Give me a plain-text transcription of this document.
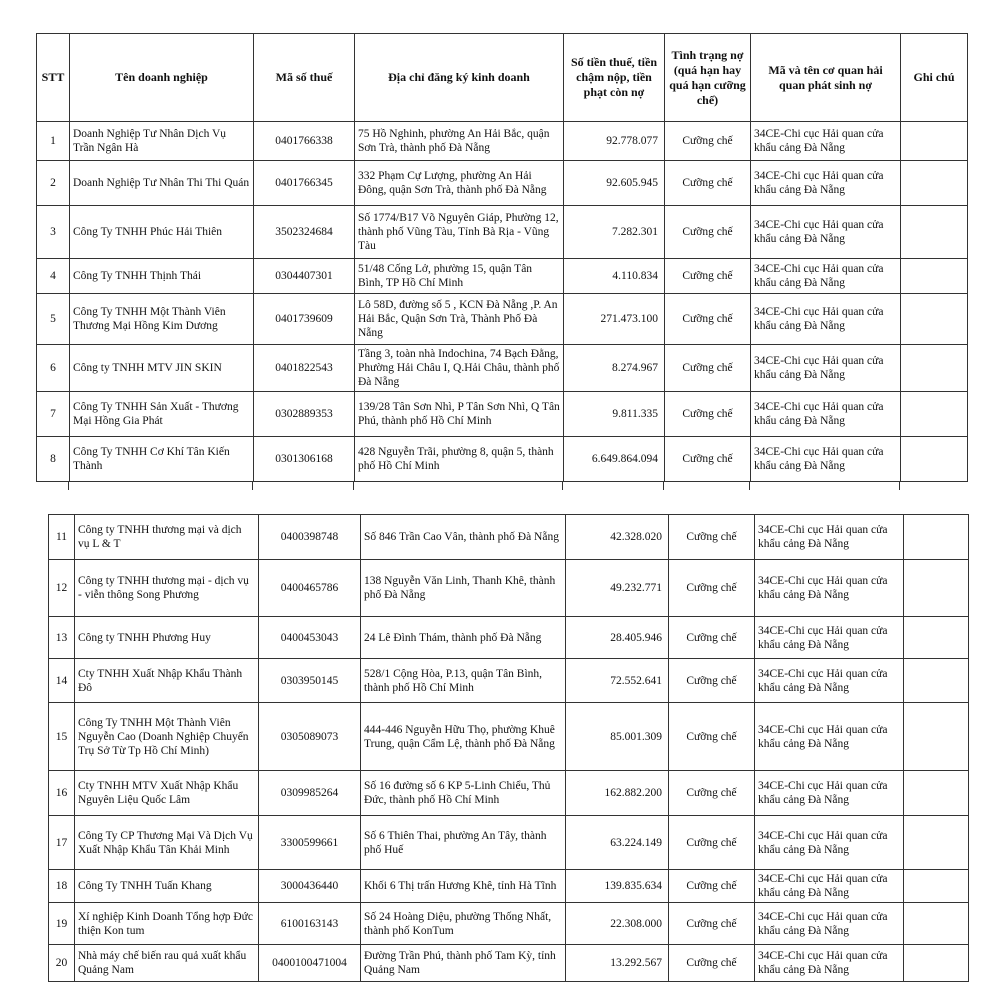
STT	Tên doanh nghiệp	Mã số thuế	Địa chỉ đăng ký kinh doanh	Số tiền thuế, tiền chậm nộp, tiền phạt còn nợ	Tình trạng nợ (quá hạn hay quá hạn cưỡng chế)	Mã và tên cơ quan hải quan phát sinh nợ	Ghi chú
1	Doanh Nghiệp Tư Nhân Dịch Vụ Trần Ngân Hà	0401766338	75 Hồ Nghinh, phường An Hải Bắc, quận Sơn Trà, thành phố Đà Nẵng	92.778.077	Cưỡng chế	34CE-Chi cục Hải quan cửa khẩu cảng Đà Nẵng	
2	Doanh Nghiệp Tư Nhân Thi Thi Quán	0401766345	332 Phạm Cự Lượng, phường An Hải Đông, quận Sơn Trà, thành phố Đà Nẵng	92.605.945	Cưỡng chế	34CE-Chi cục Hải quan cửa khẩu cảng Đà Nẵng	
3	Công Ty TNHH Phúc Hải Thiên	3502324684	Số 1774/B17 Võ Nguyên Giáp, Phường 12, thành phố Vũng Tàu, Tỉnh Bà Rịa - Vũng Tàu	7.282.301	Cưỡng chế	34CE-Chi cục Hải quan cửa khẩu cảng Đà Nẵng	
4	Công Ty TNHH Thịnh Thái	0304407301	51/48 Cống Lở, phường 15, quận Tân Bình, TP Hồ Chí Minh	4.110.834	Cưỡng chế	34CE-Chi cục Hải quan cửa khẩu cảng Đà Nẵng	
5	Công Ty TNHH Một Thành Viên Thương Mại Hồng Kim Dương	0401739609	Lô 58D, đường số 5 , KCN Đà Nẵng ,P. An Hải Bắc, Quận Sơn Trà, Thành Phố Đà Nẵng	271.473.100	Cưỡng chế	34CE-Chi cục Hải quan cửa khẩu cảng Đà Nẵng	
6	Công ty TNHH MTV JIN SKIN	0401822543	Tầng 3, toàn nhà Indochina, 74 Bạch Đằng, Phường Hải Châu I, Q.Hải Châu, thành phố Đà Nẵng	8.274.967	Cưỡng chế	34CE-Chi cục Hải quan cửa khẩu cảng Đà Nẵng	
7	Công Ty TNHH Sản Xuất - Thương Mại Hồng Gia Phát	0302889353	139/28 Tân Sơn Nhì, P Tân Sơn Nhì, Q Tân Phú, thành phố Hồ Chí Minh	9.811.335	Cưỡng chế	34CE-Chi cục Hải quan cửa khẩu cảng Đà Nẵng	
8	Công Ty TNHH Cơ Khí Tân Kiến Thành	0301306168	428 Nguyễn Trãi, phường 8, quận 5, thành phố Hồ Chí Minh	6.649.864.094	Cưỡng chế	34CE-Chi cục Hải quan cửa khẩu cảng Đà Nẵng	
11	Công ty TNHH thương mại và dịch vụ L & T	0400398748	Số 846 Trần Cao Vân, thành phố Đà Nẵng	42.328.020	Cưỡng chế	34CE-Chi cục Hải quan cửa khẩu cảng Đà Nẵng	
12	Công ty TNHH thương mại - dịch vụ - viễn thông Song Phương	0400465786	138 Nguyễn Văn Linh, Thanh Khê, thành phố Đà Nẵng	49.232.771	Cưỡng chế	34CE-Chi cục Hải quan cửa khẩu cảng Đà Nẵng	
13	Công ty TNHH Phương Huy	0400453043	24 Lê Đình Thám, thành phố Đà Nẵng	28.405.946	Cưỡng chế	34CE-Chi cục Hải quan cửa khẩu cảng Đà Nẵng	
14	Cty TNHH Xuất Nhập Khẩu Thành Đô	0303950145	528/1 Cộng Hòa, P.13, quận Tân Bình, thành phố Hồ Chí Minh	72.552.641	Cưỡng chế	34CE-Chi cục Hải quan cửa khẩu cảng Đà Nẵng	
15	Công Ty TNHH Một Thành Viên Nguyễn Cao (Doanh Nghiệp Chuyển Trụ Sở Từ Tp Hồ Chí Minh)	0305089073	444-446 Nguyễn Hữu Thọ, phường Khuê Trung, quận Cẩm Lệ, thành phố Đà Nẵng	85.001.309	Cưỡng chế	34CE-Chi cục Hải quan cửa khẩu cảng Đà Nẵng	
16	Cty TNHH MTV Xuất Nhập Khẩu Nguyên Liệu Quốc Lâm	0309985264	Số 16 đường số 6 KP 5-Linh Chiểu, Thủ Đức, thành phố Hồ Chí Minh	162.882.200	Cưỡng chế	34CE-Chi cục Hải quan cửa khẩu cảng Đà Nẵng	
17	Công Ty CP Thương Mại Và Dịch Vụ Xuất Nhập Khẩu Tân Khải Minh	3300599661	Số 6 Thiên Thai, phường An Tây, thành phố Huế	63.224.149	Cưỡng chế	34CE-Chi cục Hải quan cửa khẩu cảng Đà Nẵng	
18	Công Ty TNHH Tuấn Khang	3000436440	Khối 6 Thị trấn Hương Khê, tỉnh Hà Tĩnh	139.835.634	Cưỡng chế	34CE-Chi cục Hải quan cửa khẩu cảng Đà Nẵng	
19	Xí nghiệp Kinh Doanh Tổng hợp Đức thiện Kon tum	6100163143	Số 24 Hoàng Diệu, phường Thống Nhất, thành phố KonTum	22.308.000	Cưỡng chế	34CE-Chi cục Hải quan cửa khẩu cảng Đà Nẵng	
20	Nhà máy chế biến rau quả xuất khẩu Quảng Nam	0400100471004	Đường Trần Phú, thành phố Tam Kỳ, tỉnh Quảng Nam	13.292.567	Cưỡng chế	34CE-Chi cục Hải quan cửa khẩu cảng Đà Nẵng	
